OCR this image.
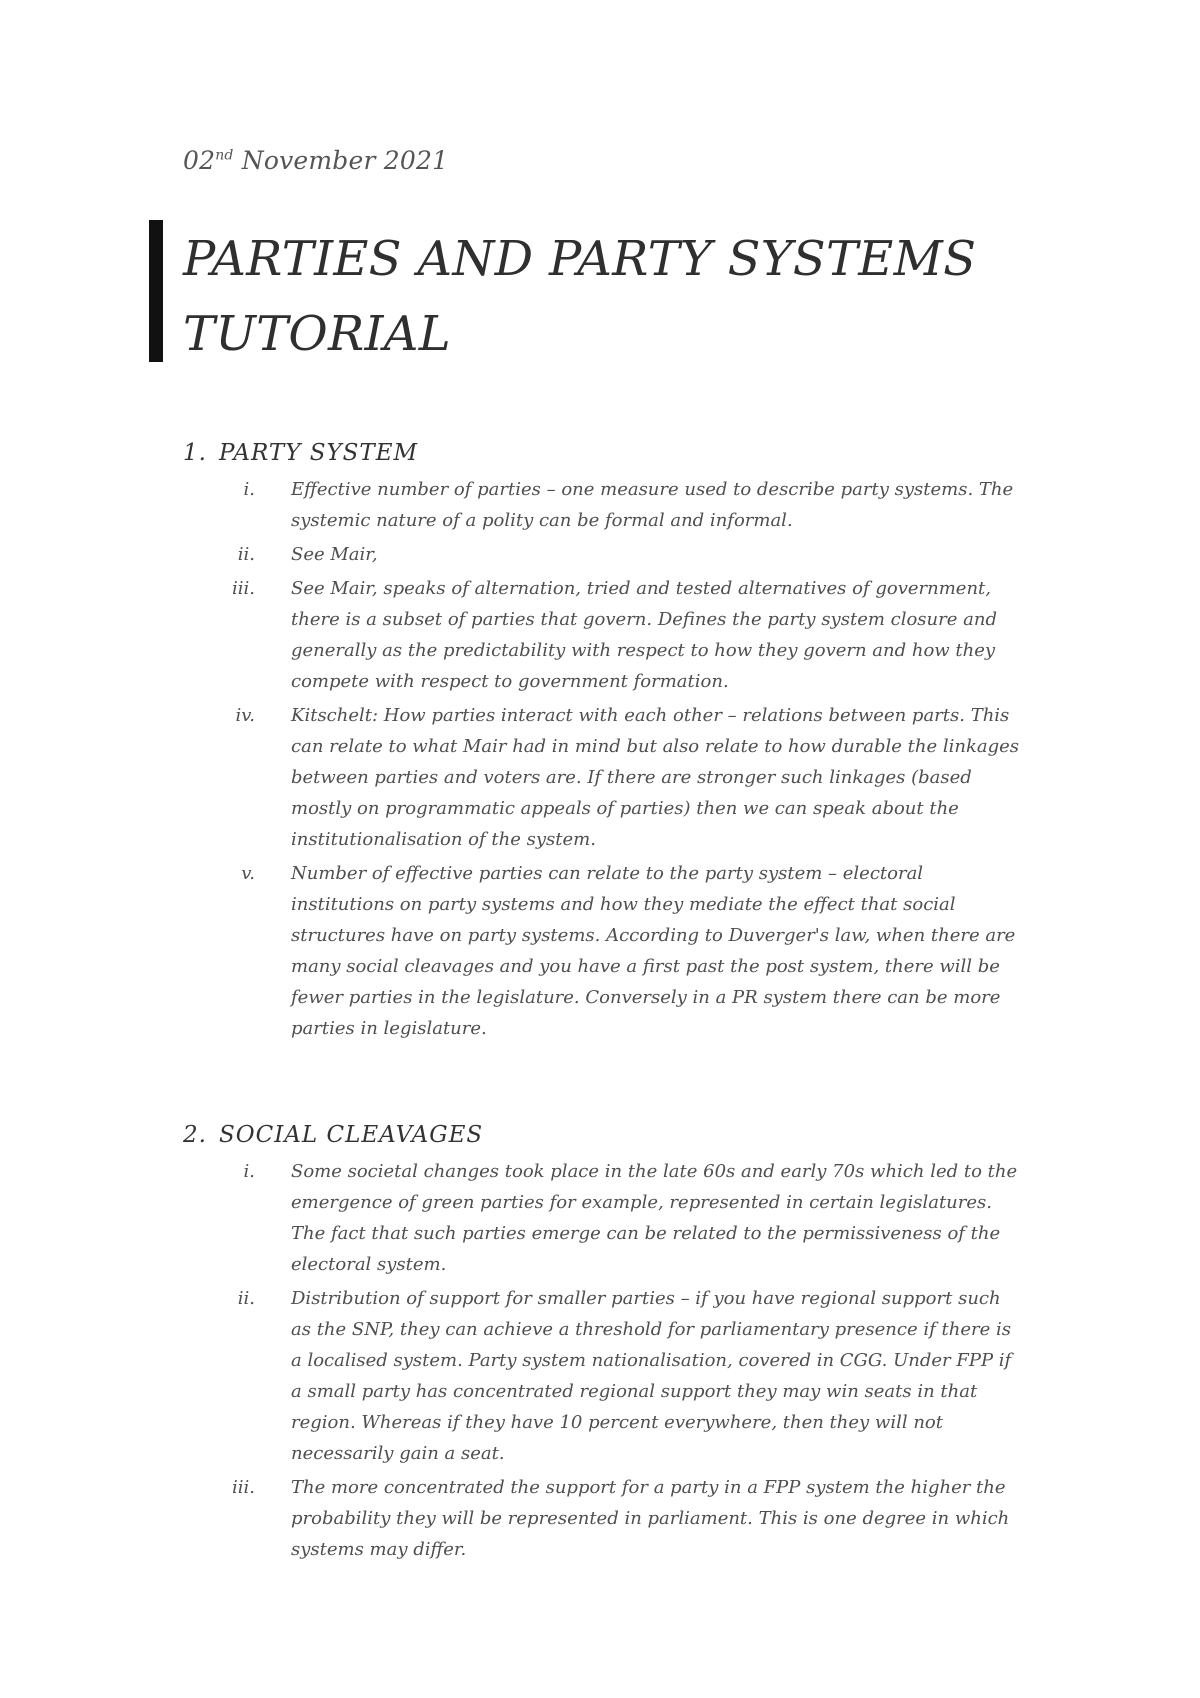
02nd November 2021
PARTIES AND PARTY SYSTEMS TUTORIAL
1. PARTY SYSTEM
i. Effective number of parties – one measure used to describe party systems. The systemic nature of a polity can be formal and informal.
ii. See Mair,
iii. See Mair, speaks of alternation, tried and tested alternatives of government, there is a subset of parties that govern. Defines the party system closure and generally as the predictability with respect to how they govern and how they compete with respect to government formation.
iv. Kitschelt: How parties interact with each other – relations between parts. This can relate to what Mair had in mind but also relate to how durable the linkages between parties and voters are. If there are stronger such linkages (based mostly on programmatic appeals of parties) then we can speak about the institutionalisation of the system.
v. Number of effective parties can relate to the party system – electoral institutions on party systems and how they mediate the effect that social structures have on party systems. According to Duverger's law, when there are many social cleavages and you have a first past the post system, there will be fewer parties in the legislature. Conversely in a PR system there can be more parties in legislature.
2. SOCIAL CLEAVAGES
i. Some societal changes took place in the late 60s and early 70s which led to the emergence of green parties for example, represented in certain legislatures. The fact that such parties emerge can be related to the permissiveness of the electoral system.
ii. Distribution of support for smaller parties – if you have regional support such as the SNP, they can achieve a threshold for parliamentary presence if there is a localised system. Party system nationalisation, covered in CGG. Under FPP if a small party has concentrated regional support they may win seats in that region. Whereas if they have 10 percent everywhere, then they will not necessarily gain a seat.
iii. The more concentrated the support for a party in a FPP system the higher the probability they will be represented in parliament. This is one degree in which systems may differ.
